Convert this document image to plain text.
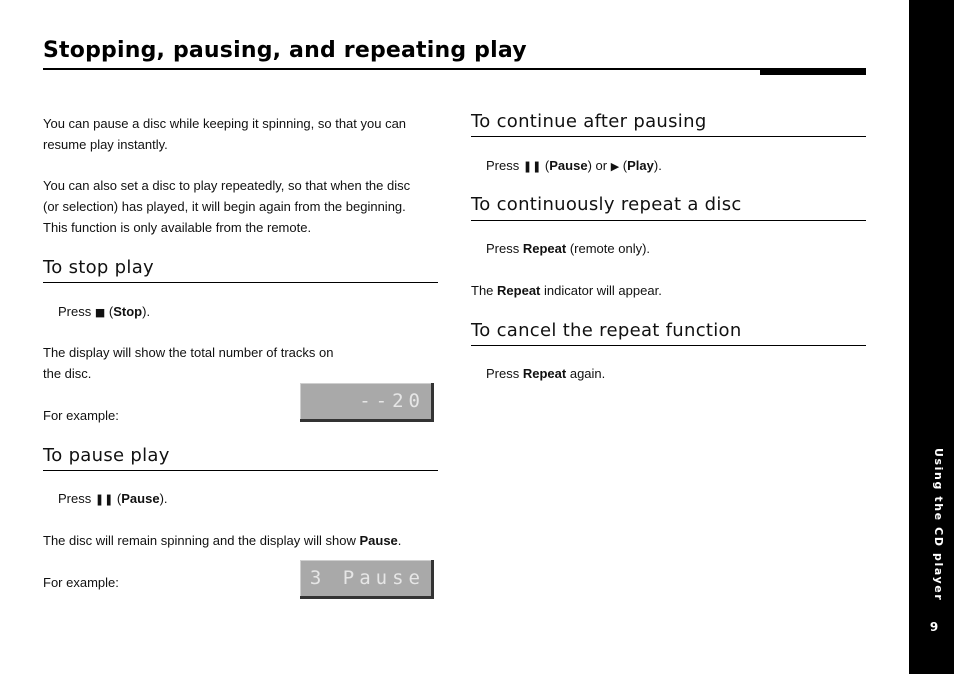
Stopping, pausing, and repeating play

You can pause a disc while keeping it spinning, so that you can
resume play instantly.

You can also set a disc to play repeatedly, so that when the disc
(or selection) has played, it will begin again from the beginning.
This function is only available from the remote.

To stop play

Press ■ (Stop).

The display will show the total number of tracks on
the disc.

For example:

--20
To pause play

Press ❚❚ (Pause).

The disc will remain spinning and the display will show Pause.

For example:	3 Pause
To continue after pausing

Press ❚❚ (Pause) or ▶ (Play).

To continuously repeat a disc

Press Repeat (remote only).

The Repeat indicator will appear.

To cancel the repeat function

Press Repeat again.

Using the CD player
9
